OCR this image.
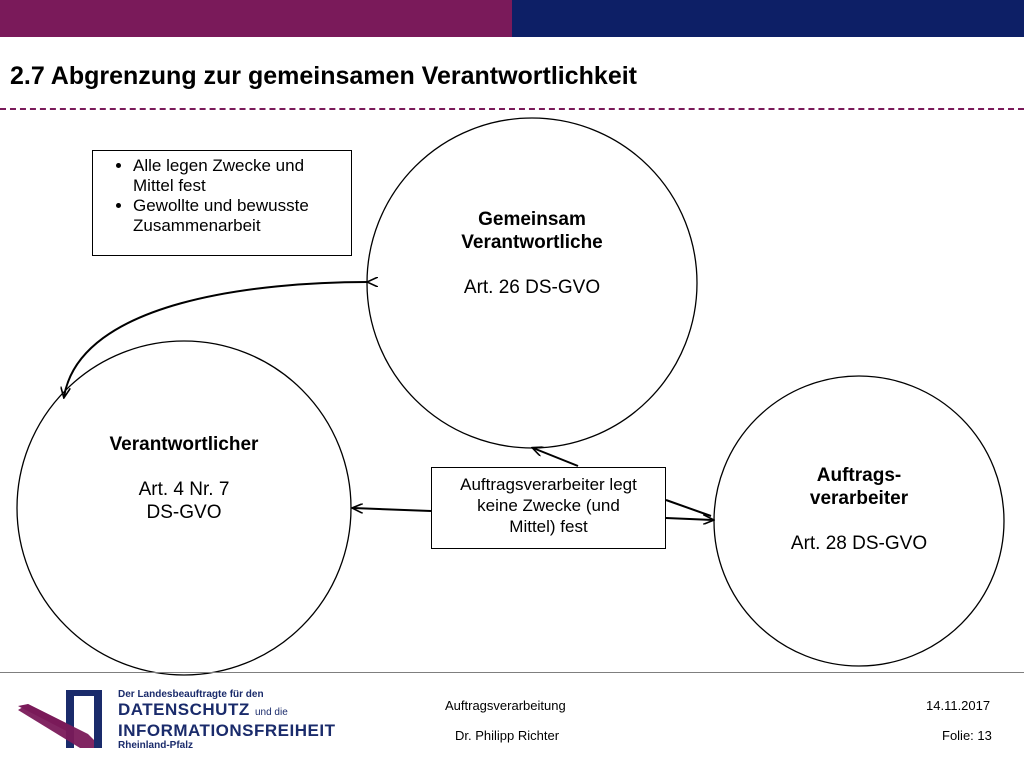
2.7 Abgrenzung zur gemeinsamen Verantwortlichkeit
• Alle legen Zwecke und Mittel fest
• Gewollte und bewusste Zusammenarbeit	Gemeinsam
Verantwortliche
Art. 26 DS-GVO
Verantwortlicher
Art. 4 Nr. 7
DS-GVO
Auftrags-
verarbeiter
Art. 28 DS-GVO
Auftragsverarbeiter legt
keine Zwecke (und
Mittel) fest
Der Landesbeauftragte für den
DATENSCHUTZ und die
INFORMATIONSFREIHEIT
Rheinland-Pfalz
Auftragsverarbeitung
Dr. Philipp Richter
14.11.2017
Folie: 13
